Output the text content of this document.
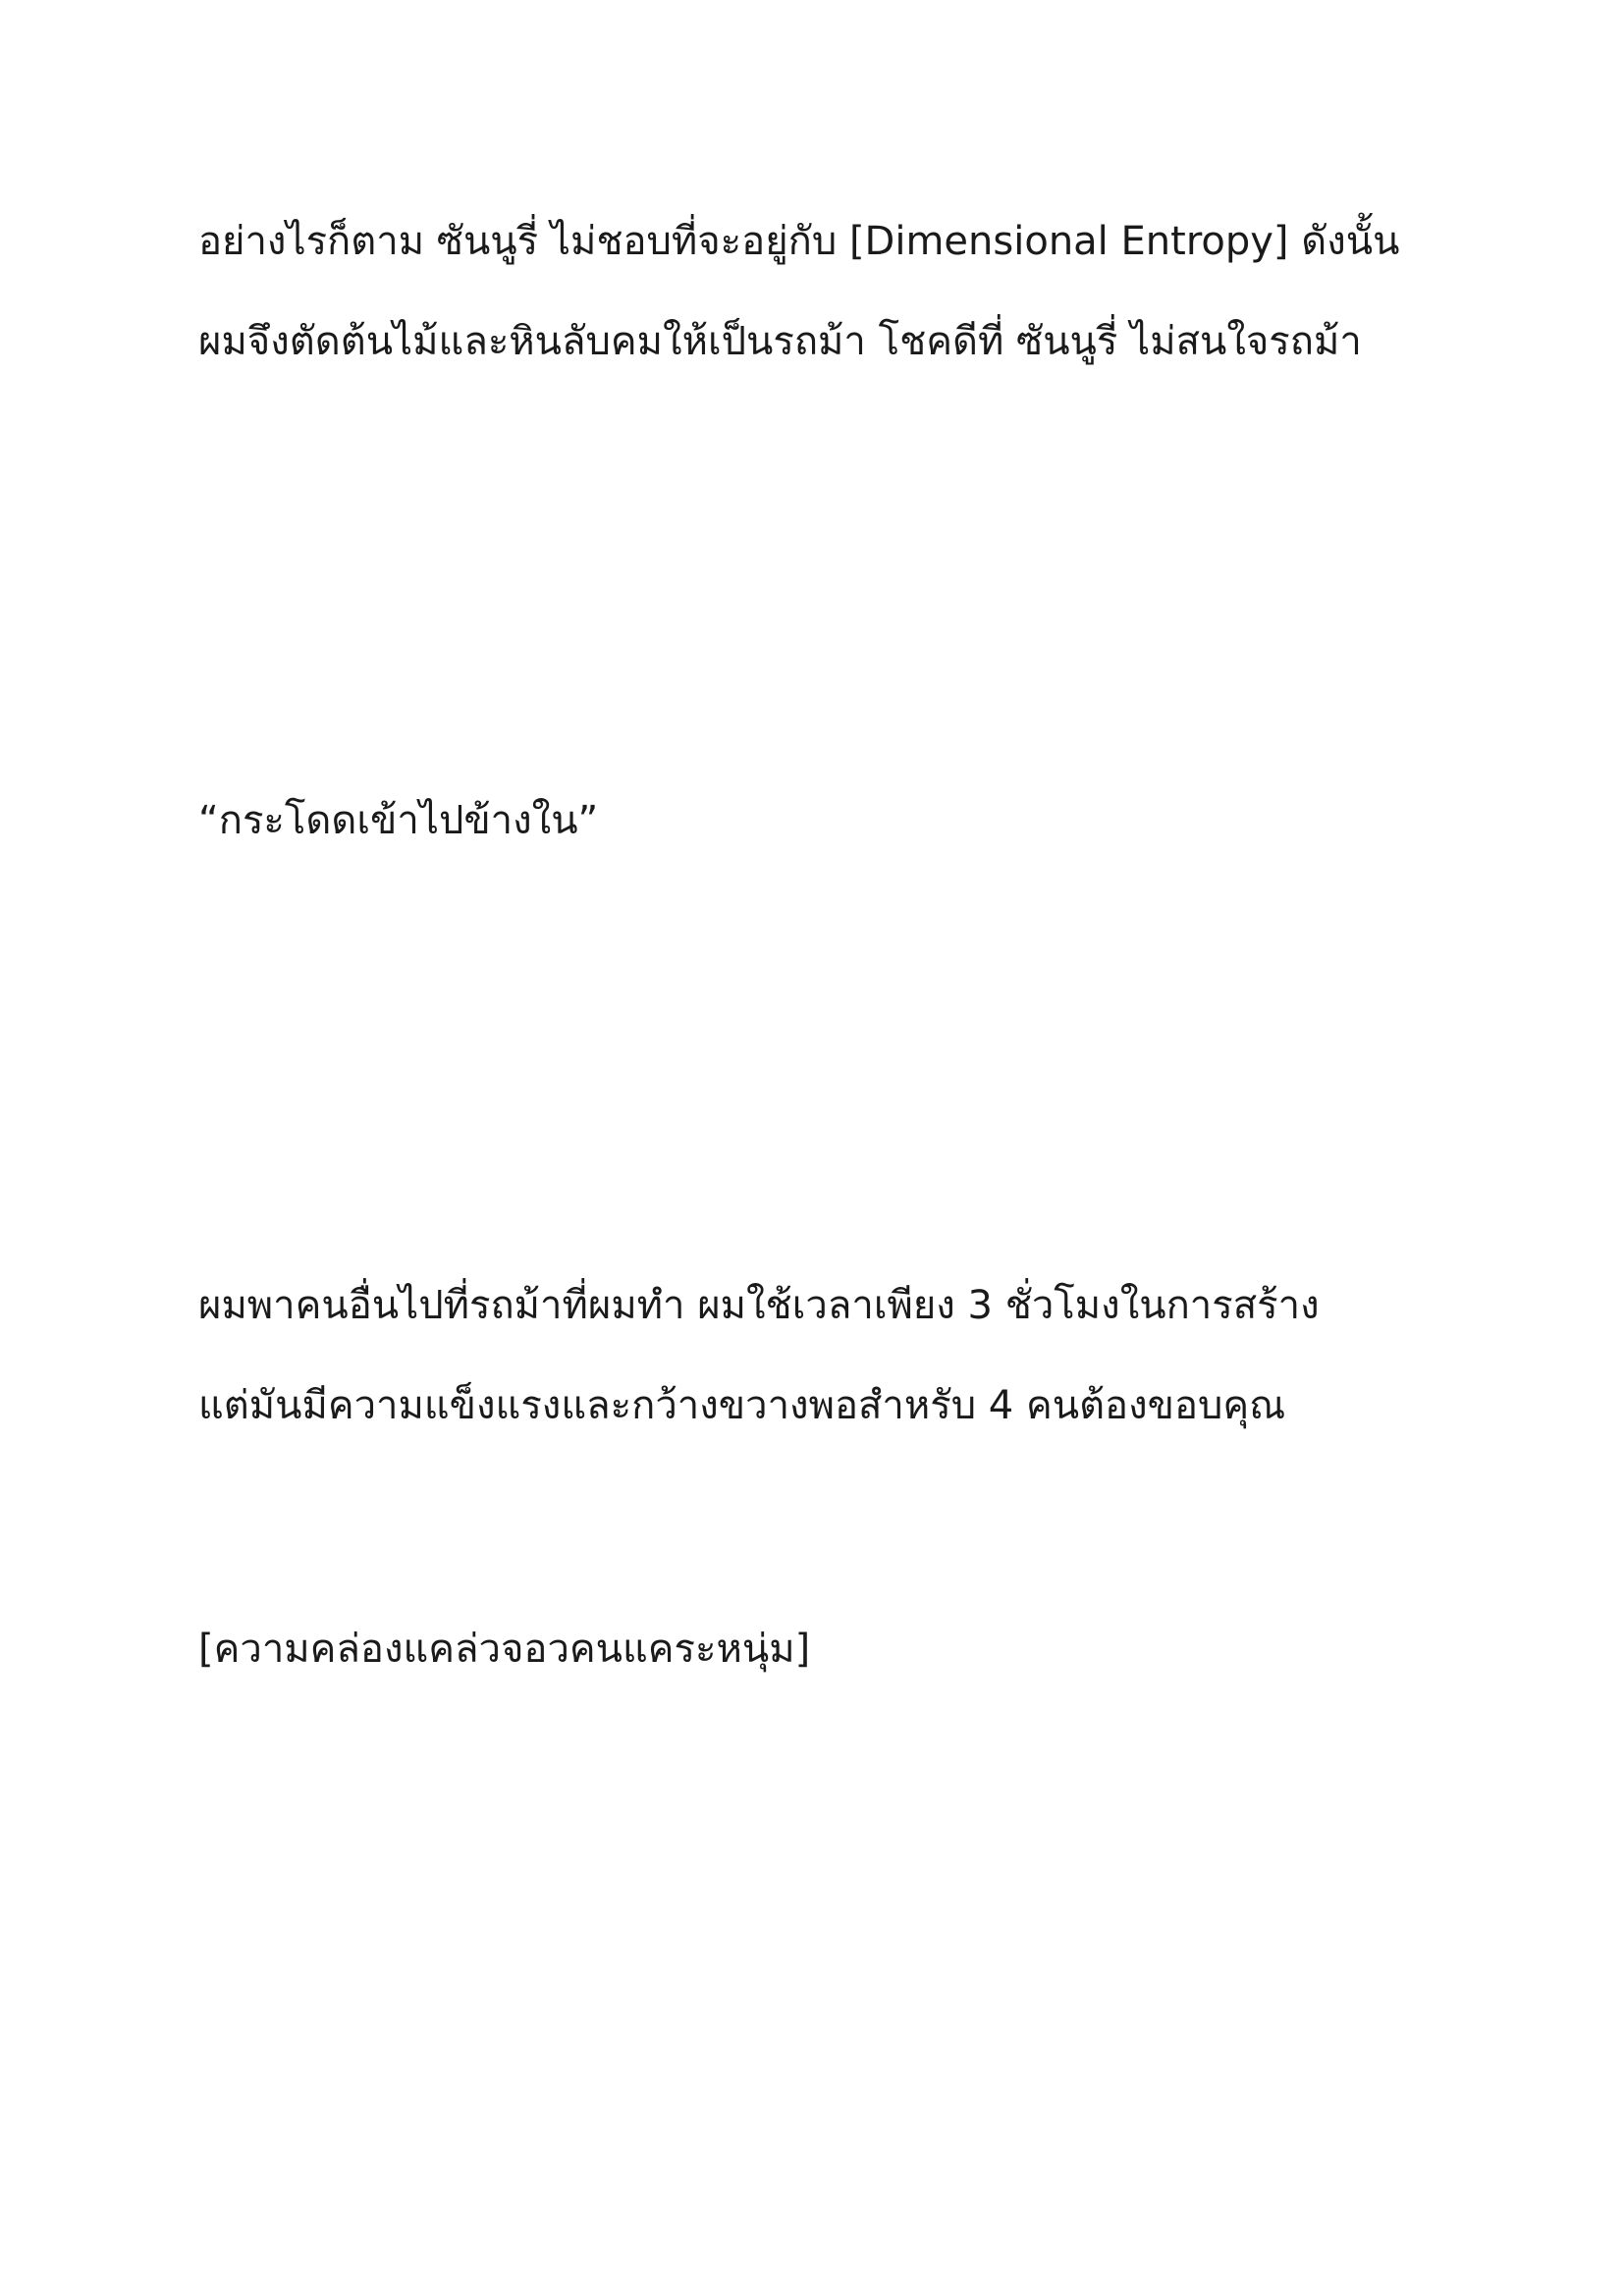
อย่างไรก็ตาม ซันนูรี่ ไม่ชอบที่จะอยู่กับ [Dimensional Entropy] ดังนั้น

ผมจึงตัดต้นไม้และหินลับคมให้เป็นรถม้า โชคดีที่ ซันนูรี่ ไม่สนใจรถม้า

“กระโดดเข้าไปข้างใน”

ผมพาคนอื่นไปที่รถม้าที่ผมทำ ผมใช้เวลาเพียง 3 ชั่วโมงในการสร้าง

แต่มันมีความแข็งแรงและกว้างขวางพอสำหรับ 4 คนต้องขอบคุณ

[ความคล่องแคล่วจอวคนแคระหนุ่ม]
